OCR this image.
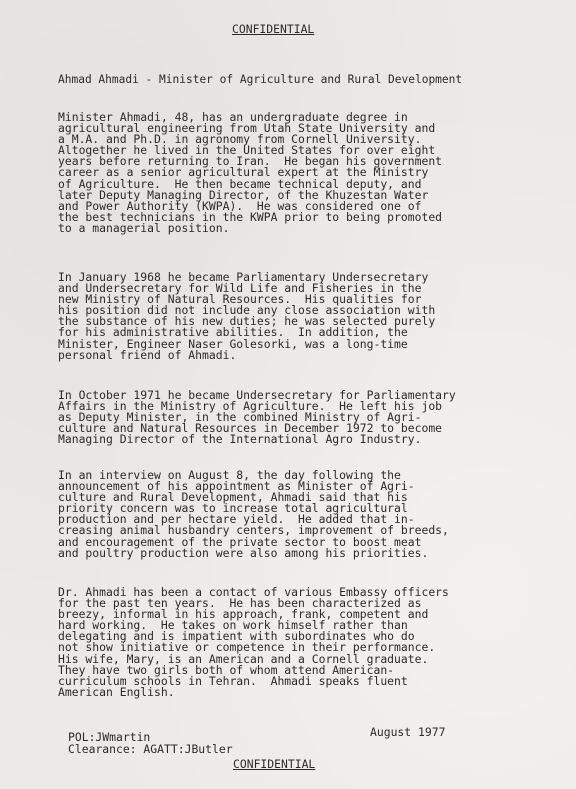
CONFIDENTIAL
Ahmad Ahmadi - Minister of Agriculture and Rural Development

Minister Ahmadi, 48, has an undergraduate degree in
agricultural engineering from Utah State University and
a M.A. and Ph.D. in agronomy from Cornell University.
Altogether he lived in the United States for over eight
years before returning to Iran.  He began his government
career as a senior agricultural expert at the Ministry
of Agriculture.  He then became technical deputy, and
later Deputy Managing Director, of the Khuzestan Water
and Power Authority (KWPA).  He was considered one of
the best technicians in the KWPA prior to being promoted
to a managerial position.

In January 1968 he became Parliamentary Undersecretary
and Undersecretary for Wild Life and Fisheries in the
new Ministry of Natural Resources.  His qualities for
his position did not include any close association with
the substance of his new duties; he was selected purely
for his administrative abilities.  In addition, the
Minister, Engineer Naser Golesorki, was a long-time
personal friend of Ahmadi.

In October 1971 he became Undersecretary for Parliamentary
Affairs in the Ministry of Agriculture.  He left his job
as Deputy Minister, in the combined Ministry of Agri-
culture and Natural Resources in December 1972 to become
Managing Director of the International Agro Industry.

In an interview on August 8, the day following the
announcement of his appointment as Minister of Agri-
culture and Rural Development, Ahmadi said that his
priority concern was to increase total agricultural
production and per hectare yield.  He added that in-
creasing animal husbandry centers, improvement of breeds,
and encouragement of the private sector to boost meat
and poultry production were also among his priorities.

Dr. Ahmadi has been a contact of various Embassy officers
for the past ten years.  He has been characterized as
breezy, informal in his approach, frank, competent and
hard working.  He takes on work himself rather than
delegating and is impatient with subordinates who do
not show initiative or competence in their performance.
His wife, Mary, is an American and a Cornell graduate.
They have two girls both of whom attend American-
curriculum schools in Tehran.  Ahmadi speaks fluent
American English.

POL:JWmartin
Clearance: AGATT:JButler
August 1977
CONFIDENTIAL
